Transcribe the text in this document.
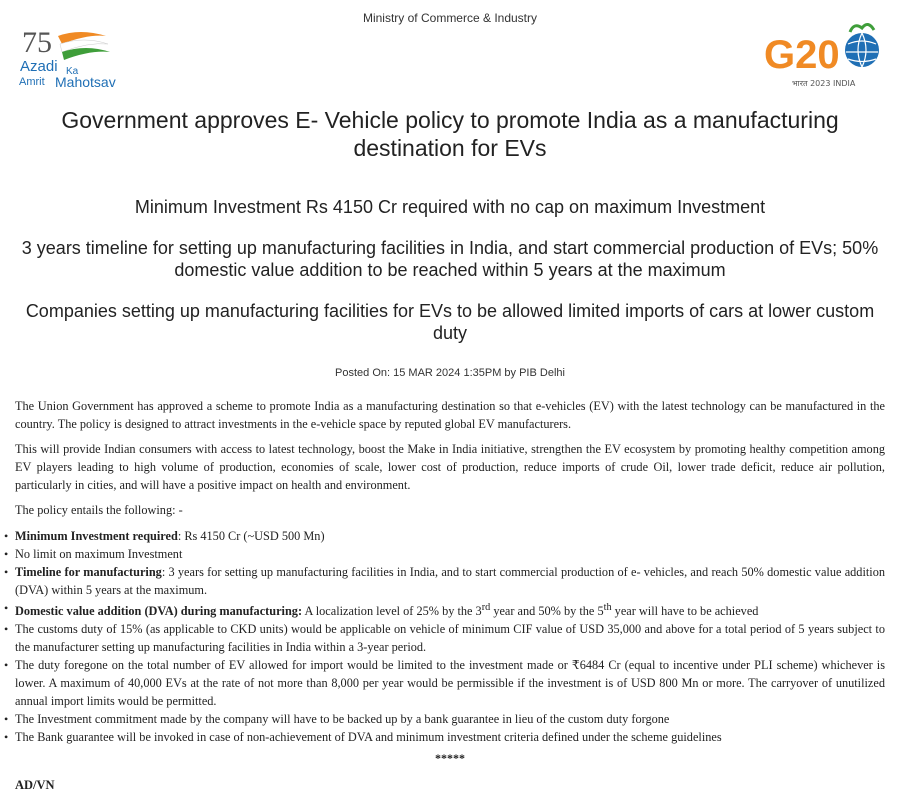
Ministry of Commerce & Industry
75
Azadi Ka
Amrit Mahotsav
G20
भारत 2023 INDIA
Government approves E- Vehicle policy to promote India as a manufacturing destination for EVs
Minimum Investment Rs 4150 Cr required with no cap on maximum Investment
3 years timeline for setting up manufacturing facilities in India, and start commercial production of EVs; 50% domestic value addition to be reached within 5 years at the maximum
Companies setting up manufacturing facilities for EVs to be allowed limited imports of cars at lower custom duty
Posted On: 15 MAR 2024 1:35PM by PIB Delhi

The Union Government has approved a scheme to promote India as a manufacturing destination so that e-vehicles (EV) with the latest technology can be manufactured in the country. The policy is designed to attract investments in the e-vehicle space by reputed global EV manufacturers.

This will provide Indian consumers with access to latest technology, boost the Make in India initiative, strengthen the EV ecosystem by promoting healthy competition among EV players leading to high volume of production, economies of scale, lower cost of production, reduce imports of crude Oil, lower trade deficit, reduce air pollution, particularly in cities, and will have a positive impact on health and environment.

The policy entails the following: -

• Minimum Investment required: Rs 4150 Cr (~USD 500 Mn)
• No limit on maximum Investment
• Timeline for manufacturing: 3 years for setting up manufacturing facilities in India, and to start commercial production of e- vehicles, and reach 50% domestic value addition (DVA) within 5 years at the maximum.
• Domestic value addition (DVA) during manufacturing: A localization level of 25% by the 3rd year and 50% by the 5th year will have to be achieved
• The customs duty of 15% (as applicable to CKD units) would be applicable on vehicle of minimum CIF value of USD 35,000 and above for a total period of 5 years subject to the manufacturer setting up manufacturing facilities in India within a 3-year period.
• The duty foregone on the total number of EV allowed for import would be limited to the investment made or ₹6484 Cr (equal to incentive under PLI scheme) whichever is lower. A maximum of 40,000 EVs at the rate of not more than 8,000 per year would be permissible if the investment is of USD 800 Mn or more. The carryover of unutilized annual import limits would be permitted.
• The Investment commitment made by the company will have to be backed up by a bank guarantee in lieu of the custom duty forgone
• The Bank guarantee will be invoked in case of non-achievement of DVA and minimum investment criteria defined under the scheme guidelines
*****
AD/VN
